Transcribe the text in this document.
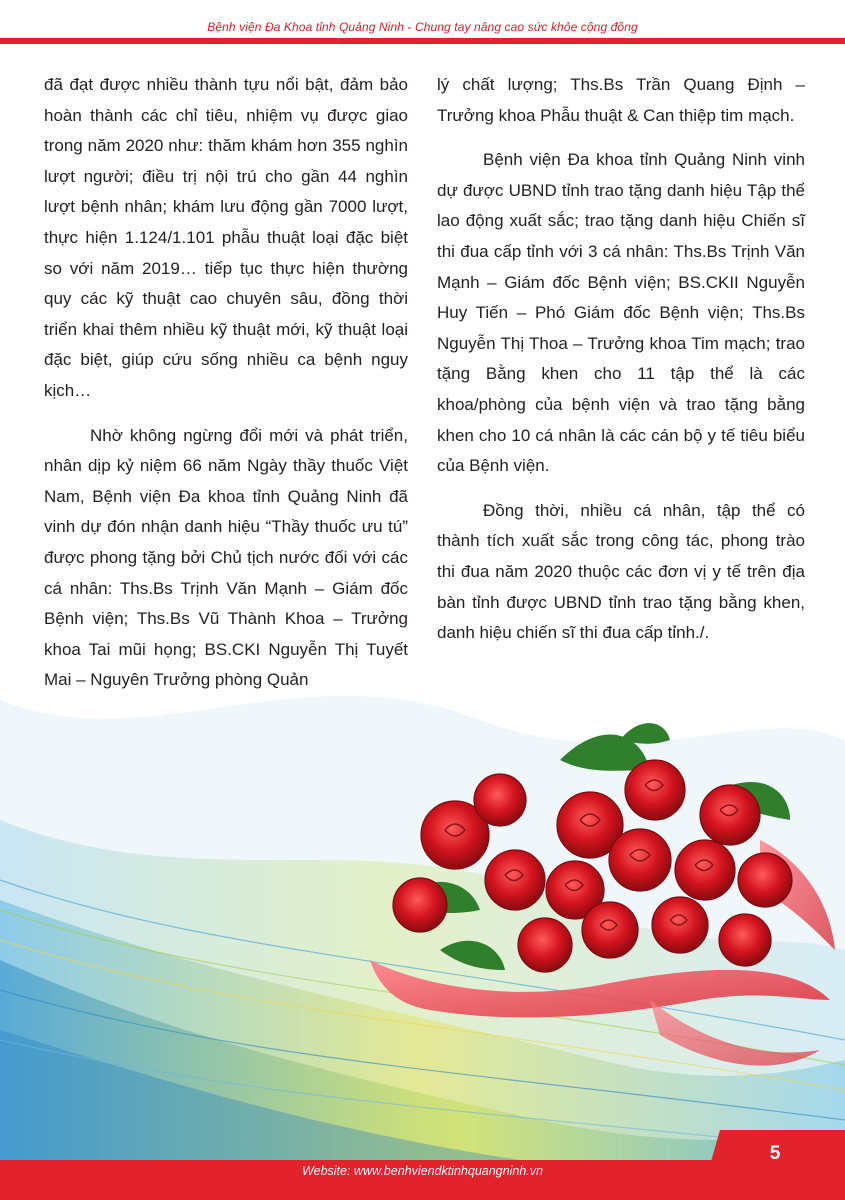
Bệnh viện Đa Khoa tỉnh Quảng Ninh - Chung tay nâng cao sức khỏe cộng đồng

đã đạt được nhiều thành tựu nổi bật, đảm bảo hoàn thành các chỉ tiêu, nhiệm vụ được giao trong năm 2020 như: thăm khám hơn 355 nghìn lượt người; điều trị nội trú cho gần 44 nghìn lượt bệnh nhân; khám lưu động gần 7000 lượt, thực hiện 1.124/1.101 phẫu thuật loại đặc biệt so với năm 2019… tiếp tục thực hiện thường quy các kỹ thuật cao chuyên sâu, đồng thời triển khai thêm nhiều kỹ thuật mới, kỹ thuật loại đặc biệt, giúp cứu sống nhiều ca bệnh nguy kịch…

Nhờ không ngừng đổi mới và phát triển, nhân dịp kỷ niệm 66 năm Ngày thầy thuốc Việt Nam, Bệnh viện Đa khoa tỉnh Quảng Ninh đã vinh dự đón nhận danh hiệu “Thầy thuốc ưu tú” được phong tặng bởi Chủ tịch nước đối với các cá nhân: Ths.Bs Trịnh Văn Mạnh – Giám đốc Bệnh viện; Ths.Bs Vũ Thành Khoa – Trưởng khoa Tai mũi họng; BS.CKI Nguyễn Thị Tuyết Mai – Nguyên Trưởng phòng Quản

lý chất lượng; Ths.Bs Trần Quang Định – Trưởng khoa Phẫu thuật & Can thiệp tim mạch.

Bệnh viện Đa khoa tỉnh Quảng Ninh vinh dự được UBND tỉnh trao tặng danh hiệu Tập thể lao động xuất sắc; trao tặng danh hiệu Chiến sĩ thi đua cấp tỉnh với 3 cá nhân: Ths.Bs Trịnh Văn Mạnh – Giám đốc Bệnh viện; BS.CKII Nguyễn Huy Tiến – Phó Giám đốc Bệnh viện; Ths.Bs Nguyễn Thị Thoa – Trưởng khoa Tim mạch; trao tặng Bằng khen cho 11 tập thể là các khoa/phòng của bệnh viện và trao tặng bằng khen cho 10 cá nhân là các cán bộ y tế tiêu biểu của Bệnh viện.

Đồng thời, nhiều cá nhân, tập thể có thành tích xuất sắc trong công tác, phong trào thi đua năm 2020 thuộc các đơn vị y tế trên địa bàn tỉnh được UBND tỉnh trao tặng bằng khen, danh hiệu chiến sĩ thi đua cấp tỉnh./.

5
Website: www.benhviendktinhquangninh.vn
